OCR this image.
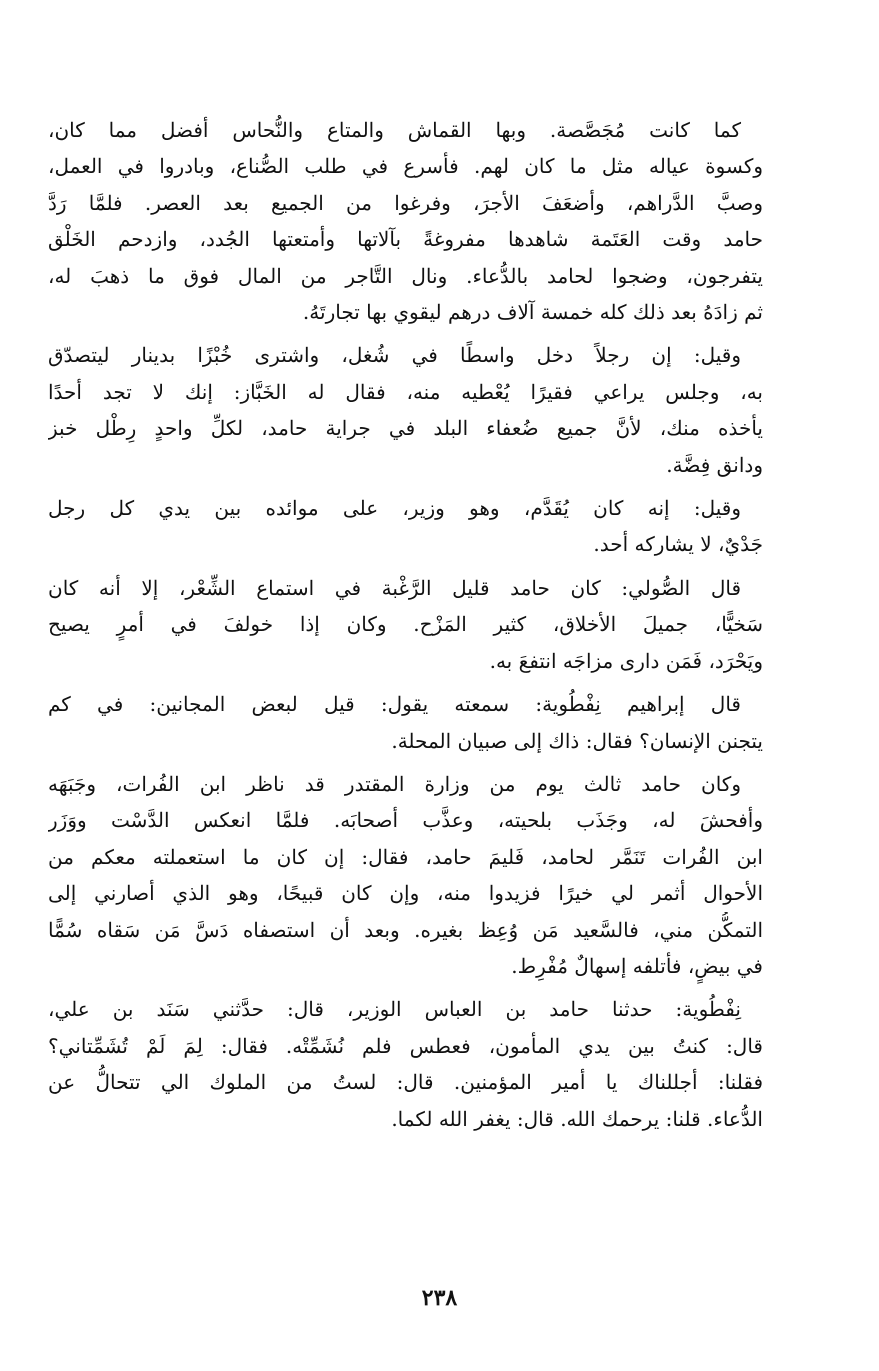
كما كانت مُجَصَّصة. وبها القماش والمتاع والنُّحاس أفضل مما كان،
وكسوة عياله مثل ما كان لهم. فأسرع في طلب الصُّناع، وبادروا في العمل،
وصبَّ الدَّراهم، وأضعَفَ الأجرَ، وفرغوا من الجميع بعد العصر. فلمَّا رَدَّ
حامد وقت العَتَمة شاهدها مفروغةً بآلاتها وأمتعتها الجُدد، وازدحم الخَلْق
يتفرجون، وضجوا لحامد بالدُّعاء. ونال التَّاجر من المال فوق ما ذهبَ له،
ثم زادَهُ بعد ذلك كله خمسة آلاف درهم ليقوي بها تجارتَهُ.
وقيل: إن رجلاً دخل واسطًا في شُغل، واشترى خُبْزًا بدينار ليتصدّق
به، وجلس يراعي فقيرًا يُعْطيه منه، فقال له الخَبَّاز: إنك لا تجد أحدًا
يأخذه منك، لأنَّ جميع ضُعفاء البلد في جراية حامد، لكلِّ واحدٍ رِطْل خبز
ودانق فِضَّة.
وقيل: إنه كان يُقَدَّم، وهو وزير، على موائده بين يدي كل رجل
جَدْيٌ، لا يشاركه أحد.
قال الصُّولي: كان حامد قليل الرَّغْبة في استماع الشِّعْر، إلا أنه كان
سَخيًّا، جميلَ الأخلاق، كثير المَزْح. وكان إذا خولفَ في أمرٍ يصيح
ويَحْرَد، فَمَن دارى مزاجَه انتفعَ به.
قال إبراهيم نِفْطُوية: سمعته يقول: قيل لبعض المجانين: في كم
يتجنن الإنسان؟ فقال: ذاك إلى صبيان المحلة.
وكان حامد ثالث يوم من وزارة المقتدر قد ناظر ابن الفُرات، وجَبَهَه
وأفحشَ له، وجَذَب بلحيته، وعذَّب أصحابَه. فلمَّا انعكس الدَّسْت ووَزَر
ابن الفُرات تَنَمَّر لحامد، فَليمَ حامد، فقال: إن كان ما استعملته معكم من
الأحوال أثمر لي خيرًا فزيدوا منه، وإن كان قبيحًا، وهو الذي أصارني إلى
التمكُّن مني، فالسَّعيد مَن وُعِظ بغيره. وبعد أن استصفاه دَسَّ مَن سَقاه سُمًّا
في بيضٍ، فأتلفه إسهالٌ مُفْرِط.
نِفْطُوية: حدثنا حامد بن العباس الوزير، قال: حدَّثني سَنَد بن علي،
قال: كنتُ بين يدي المأمون، فعطس فلم نُشَمِّتْه. فقال: لِمَ لَمْ تُشَمِّتاني؟
فقلنا: أجللناك يا أمير المؤمنين. قال: لستُ من الملوك الي تتحالُّ عن
الدُّعاء. قلنا: يرحمك الله. قال: يغفر الله لكما.
٢٣٨
